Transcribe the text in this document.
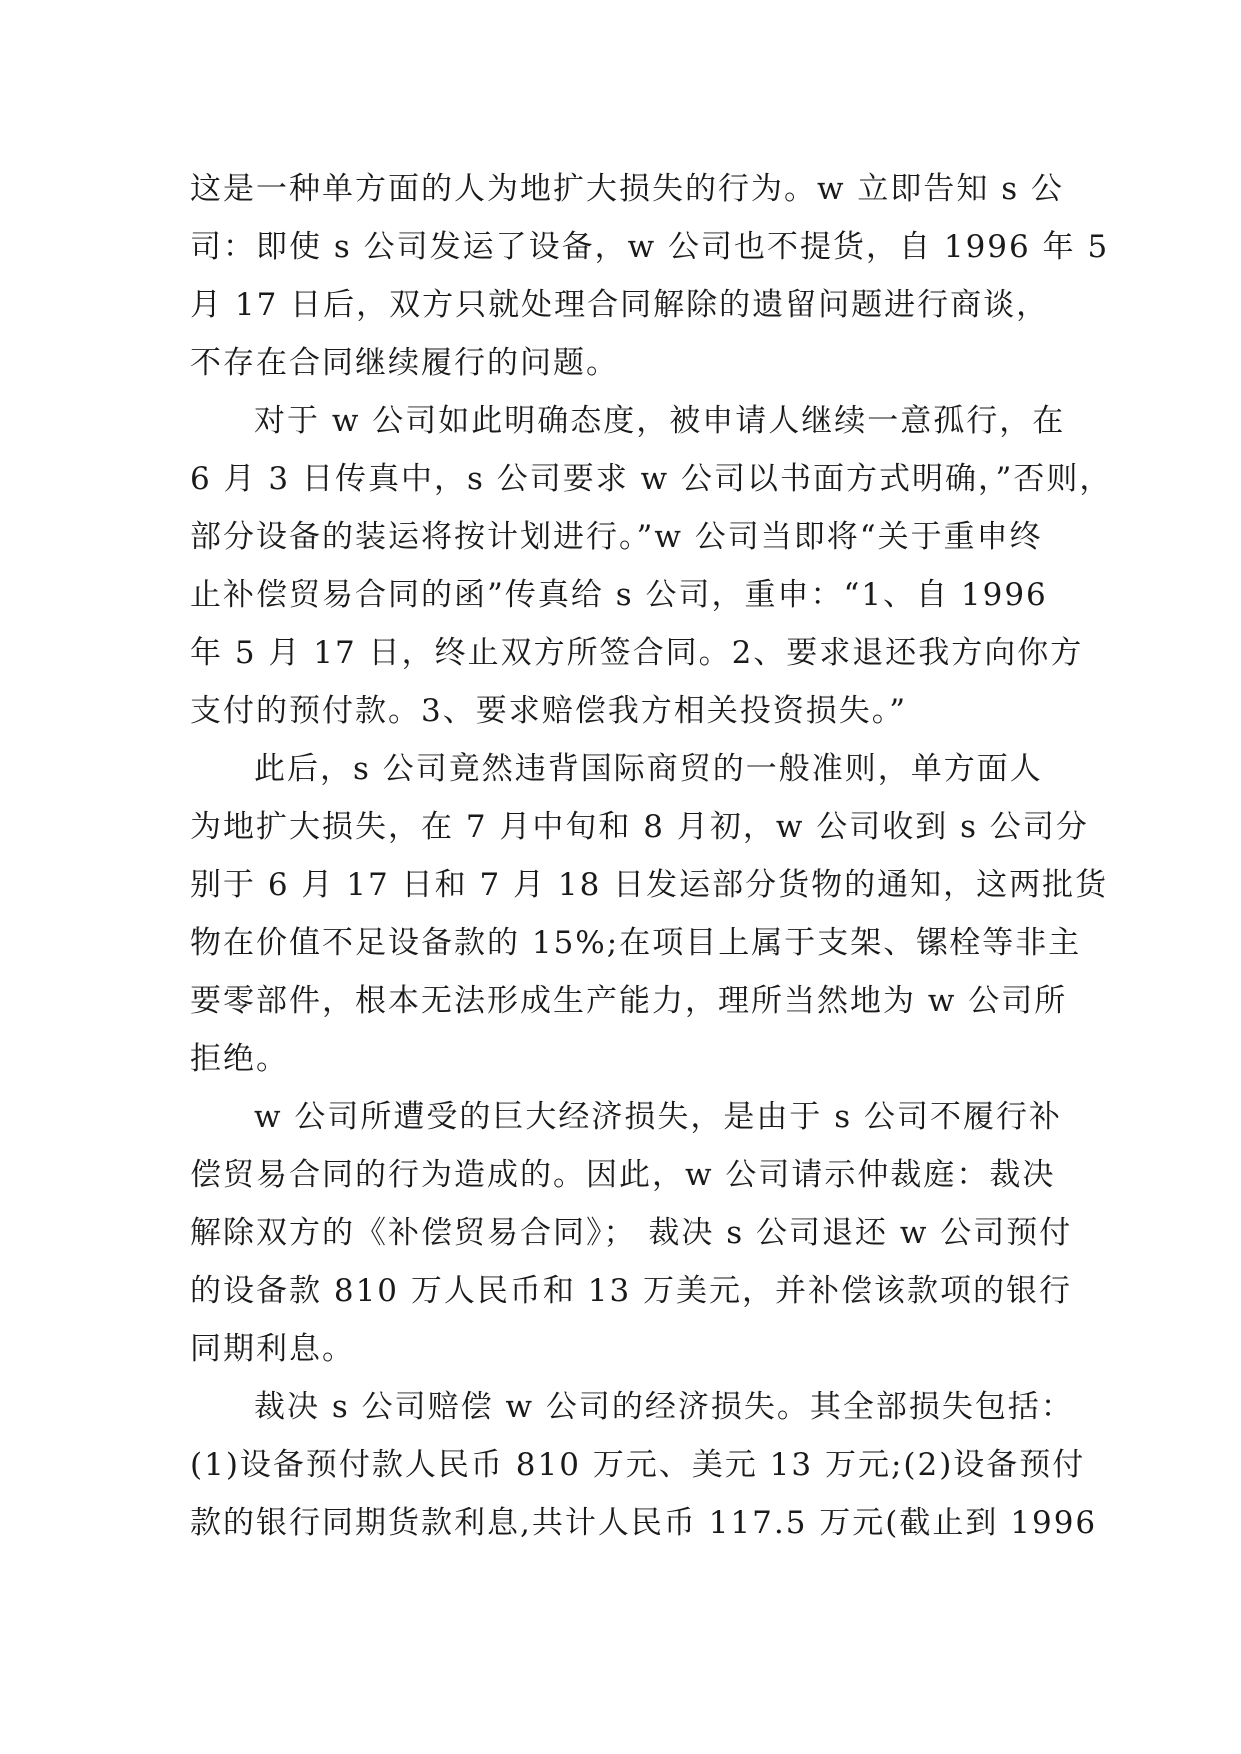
这是一种单方面的人为地扩大损失的行为。w 立即告知 s 公
司：即使 s 公司发运了设备，w 公司也不提货，自 1996 年 5
月 17 日后，双方只就处理合同解除的遗留问题进行商谈，
不存在合同继续履行的问题。
对于 w 公司如此明确态度，被申请人继续一意孤行，在
6 月 3 日传真中，s 公司要求 w 公司以书面方式明确，”否则，
部分设备的装运将按计划进行。”w 公司当即将“关于重申终
止补偿贸易合同的函”传真给 s 公司，重申：“1、自 1996
年 5 月 17 日，终止双方所签合同。2、要求退还我方向你方
支付的预付款。3、要求赔偿我方相关投资损失。”
此后，s 公司竟然违背国际商贸的一般准则，单方面人
为地扩大损失，在 7 月中旬和 8 月初，w 公司收到 s 公司分
别于 6 月 17 日和 7 月 18 日发运部分货物的通知，这两批货
物在价值不足设备款的 15%;在项目上属于支架、镙栓等非主
要零部件，根本无法形成生产能力，理所当然地为 w 公司所
拒绝。
w 公司所遭受的巨大经济损失，是由于 s 公司不履行补
偿贸易合同的行为造成的。因此，w 公司请示仲裁庭：裁决
解除双方的《补偿贸易合同》； 裁决 s 公司退还 w 公司预付
的设备款 810 万人民币和 13 万美元，并补偿该款项的银行
同期利息。
裁决 s 公司赔偿 w 公司的经济损失。其全部损失包括：
(1)设备预付款人民币 810 万元、美元 13 万元;(2)设备预付
款的银行同期货款利息,共计人民币 117.5 万元(截止到 1996
